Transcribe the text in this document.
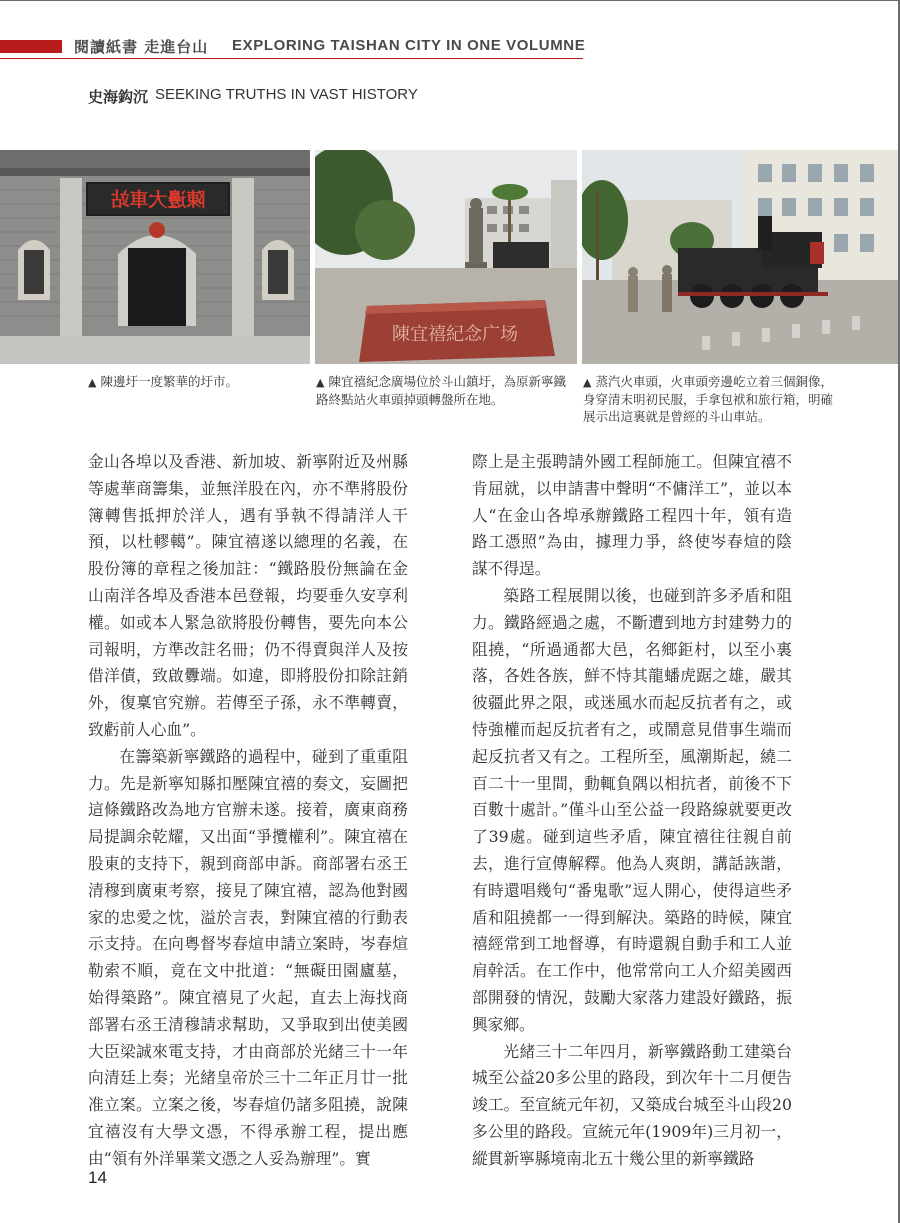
閱讀紙書 走進台山 EXPLORING TAISHAN CITY IN ONE VOLUMNE
史海鈎沉 SEEKING TRUTHS IN VAST HISTORY
陳邊大車站
陳宜禧紀念广场
▲ 陳邊圩一度繁華的圩市。	▲ 陳宜禧紀念廣場位於斗山鎮圩，為原新寧鐵路終點站火車頭掉頭轉盤所在地。
▲ 蒸汽火車頭，火車頭旁邊屹立着三個銅像，身穿清末明初民服，手拿包袱和旅行箱，明確展示出這裏就是曾經的斗山車站。

金山各埠以及香港、新加坡、新寧附近及州縣等處華商籌集，並無洋股在內，亦不準將股份簿轉售抵押於洋人，遇有爭執不得請洋人干預，以杜轇轕”。陳宜禧遂以總理的名義，在股份簿的章程之後加註：“鐵路股份無論在金山南洋各埠及香港本邑登報，均要垂久安享利權。如或本人緊急欲將股份轉售，要先向本公司報明，方準改註名冊；仍不得賣與洋人及按借洋債，致啟釁端。如違，即將股份扣除註銷外，復稟官究辦。若傳至子孫，永不準轉賣，致虧前人心血”。

在籌築新寧鐵路的過程中，碰到了重重阻力。先是新寧知縣扣壓陳宜禧的奏文，妄圖把這條鐵路改為地方官辦未遂。接着，廣東商務局提調余乾耀，又出面“爭攬權利”。陳宜禧在股東的支持下，親到商部申訴。商部署右丞王清穆到廣東考察，接見了陳宜禧，認為他對國家的忠愛之忱，溢於言表，對陳宜禧的行動表示支持。在向粵督岑春煊申請立案時，岑春煊勒索不順，竟在文中批道：“無礙田園廬墓，始得築路”。陳宜禧見了火起，直去上海找商部署右丞王清穆請求幫助，又爭取到出使美國大臣梁誠來電支持，才由商部於光緒三十一年向清廷上奏；光緒皇帝於三十二年正月廿一批准立案。立案之後，岑春煊仍諸多阻撓，說陳宜禧沒有大學文憑，不得承辦工程，提出應由“領有外洋畢業文憑之人妥為辦理”。實

際上是主張聘請外國工程師施工。但陳宜禧不肯屈就，以申請書中聲明“不傭洋工”，並以本人“在金山各埠承辦鐵路工程四十年，領有造路工憑照”為由，據理力爭，終使岑春煊的陰謀不得逞。

築路工程展開以後，也碰到許多矛盾和阻力。鐵路經過之處，不斷遭到地方封建勢力的阻撓，“所過通都大邑，名鄉鉅村，以至小裏落，各姓各族，鮮不恃其龍蟠虎踞之雄，嚴其彼疆此界之限，或迷風水而起反抗者有之，或恃強權而起反抗者有之，或鬧意見借事生端而起反抗者又有之。工程所至，風潮斯起，繞二百二十一里間，動輒負隅以相抗者，前後不下百數十處計。”僅斗山至公益一段路線就要更改了39處。碰到這些矛盾，陳宜禧往往親自前去，進行宣傳解釋。他為人爽朗，講話詼諧，有時還唱幾句“番鬼歌”逗人開心，使得這些矛盾和阻撓都一一得到解決。築路的時候，陳宜禧經常到工地督導，有時還親自動手和工人並肩幹活。在工作中，他常常向工人介紹美國西部開發的情況，鼓勵大家落力建設好鐵路，振興家鄉。

光緒三十二年四月，新寧鐵路動工建築台城至公益20多公里的路段，到次年十二月便告竣工。至宣統元年初，又築成台城至斗山段20多公里的路段。宣統元年(1909年)三月初一，縱貫新寧縣境南北五十幾公里的新寧鐵路

14
